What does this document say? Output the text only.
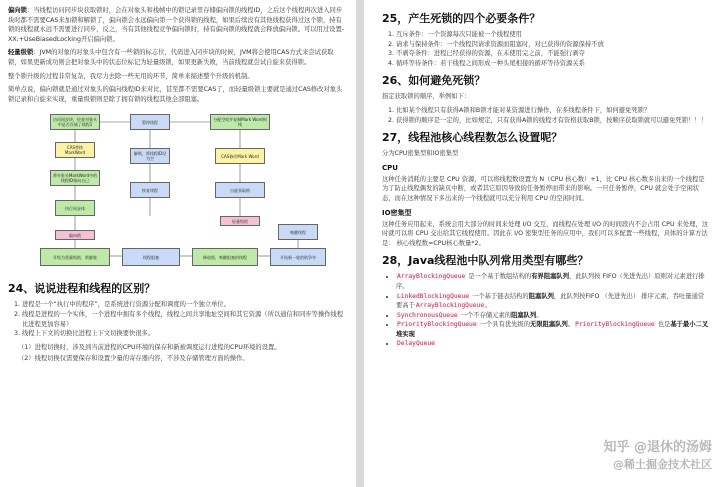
偏向锁：当线程访问同步块获取锁时，会在对象头和栈帧中的锁记录里存储偏向锁的线程ID，之后这个线程再次进入同步块时都不需要CAS来加锁和解锁了，偏向锁会永远偏向第一个获得锁的线程，如果后续没有其他线程获得过这个锁，持有锁的线程就永远不需要进行同步，反之，当有其他线程竞争偏向锁时，持有偏向锁的线程就会释放偏向锁。可以用过设置-XX:+UseBiasedLocking开启偏向锁。

轻量级锁：JVM的对象的对象头中包含有一些锁的标志位，代码进入同步块的时候，JVM将会使用CAS方式来尝试获取锁，如果更新成功则会把对象头中的状态位标记为轻量级锁，如果更新失败，当前线程就尝试自旋来获得锁。

整个锁升级的过程非常复杂，我尽力去除一些无用的环节，简单来描述整个升级的机制。

简单点说，偏向锁就是通过对象头的偏向线程ID来对比，甚至都不需要CAS了，而轻量级锁主要就是通过CAS修改对象头锁记录和自旋来实现，重量级锁则是除了拥有锁的线程其他全部阻塞。

访问同步块，检查对象头中是否存储了线程1
CAS替换MarkWord
将对象头MarkWord中的线程ID指向自己
执行同步体
偏向锁
暂停线程
解锁，将线程ID设为空
恢复线程
分配空间并复制Mark Word到栈
CAS修改Mark Word
自旋获取锁
轻量级锁
升级为重量级锁，锁膨胀	线程阻塞	释放锁，唤醒阻塞的线程	开始新一轮的锁争夺
唤醒线程
24、说说进程和线程的区别？
1. 进程是一个“执行中的程序”，是系统进行资源分配和调度的一个独立单位。
2. 线程是进程的一个实体，一个进程中拥有多个线程，线程之间共享地址空间和其它资源（所以通信和同步等操作线程比进程更加容易）
3. 线程上下文的切换比进程上下文切换要快很多。
（1）进程切换时，涉及到当前进程的CPU环境的保存和新被调度运行进程的CPU环境的设置。
（2）线程切换仅需要保存和设置少量的寄存器内容，不涉及存储管理方面的操作。
25，产生死锁的四个必要条件？
1. 互斥条件：一个资源每次只能被一个线程使用
2. 请求与保持条件：一个线程因请求资源而阻塞时，对已获得的资源保持不放
3. 不剥夺条件：进程已经获得的资源，在未使用完之前，不能强行剥夺
4. 循环等待条件：若干线程之间形成一种头尾相接的循环等待资源关系
26、如何避免死锁？

指定获取锁的顺序，举例如下：

1. 比如某个线程只有获得A锁和B锁才能对某资源进行操作，在多线程条件下，如何避免死锁？
2. 获得锁的顺序是一定的，比如规定，只有获得A锁的线程才有资格获取B锁，按顺序获取锁就可以避免死锁！！！
27，线程池核心线程数怎么设置呢？

分为CPU密集型和IO密集型

CPU

这种任务消耗的主要是 CPU 资源，可以将线程数设置为 N（CPU 核心数）+1，比 CPU 核心数多出来的一个线程是为了防止线程偶发的缺页中断，或者其它原因导致的任务暂停而带来的影响。一旦任务暂停，CPU 就会处于空闲状态，而在这种情况下多出来的一个线程就可以充分利用 CPU 的空闲时间。

IO密集型

这种任务应用起来，系统会用大部分的时间来处理 I/O 交互，而线程在处理 I/O 的时间段内不会占用 CPU 来处理，这时就可以将 CPU 交出给其它线程使用。因此在 I/O 密集型任务的应用中，我们可以多配置一些线程，具体的计算方法是： 核心线程数=CPU核心数量*2。

28，Java线程池中队列常用类型有哪些？
• ArrayBlockingQueue 是一个基于数组结构的有界阻塞队列，此队列按 FIFO（先进先出）原则对元素进行排序。
• LinkedBlockingQueue 一个基于链表结构的阻塞队列，此队列按FIFO （先进先出） 排序元素，吞吐量通常要高于ArrayBlockingQueue。
• SynchronousQueue 一个不存储元素的阻塞队列。
• PriorityBlockingQueue 一个具有优先级的无限阻塞队列。PriorityBlockingQueue 也是基于最小二叉堆实现
• DelayQueue
知乎 @退休的汤姆
@稀土掘金技术社区
